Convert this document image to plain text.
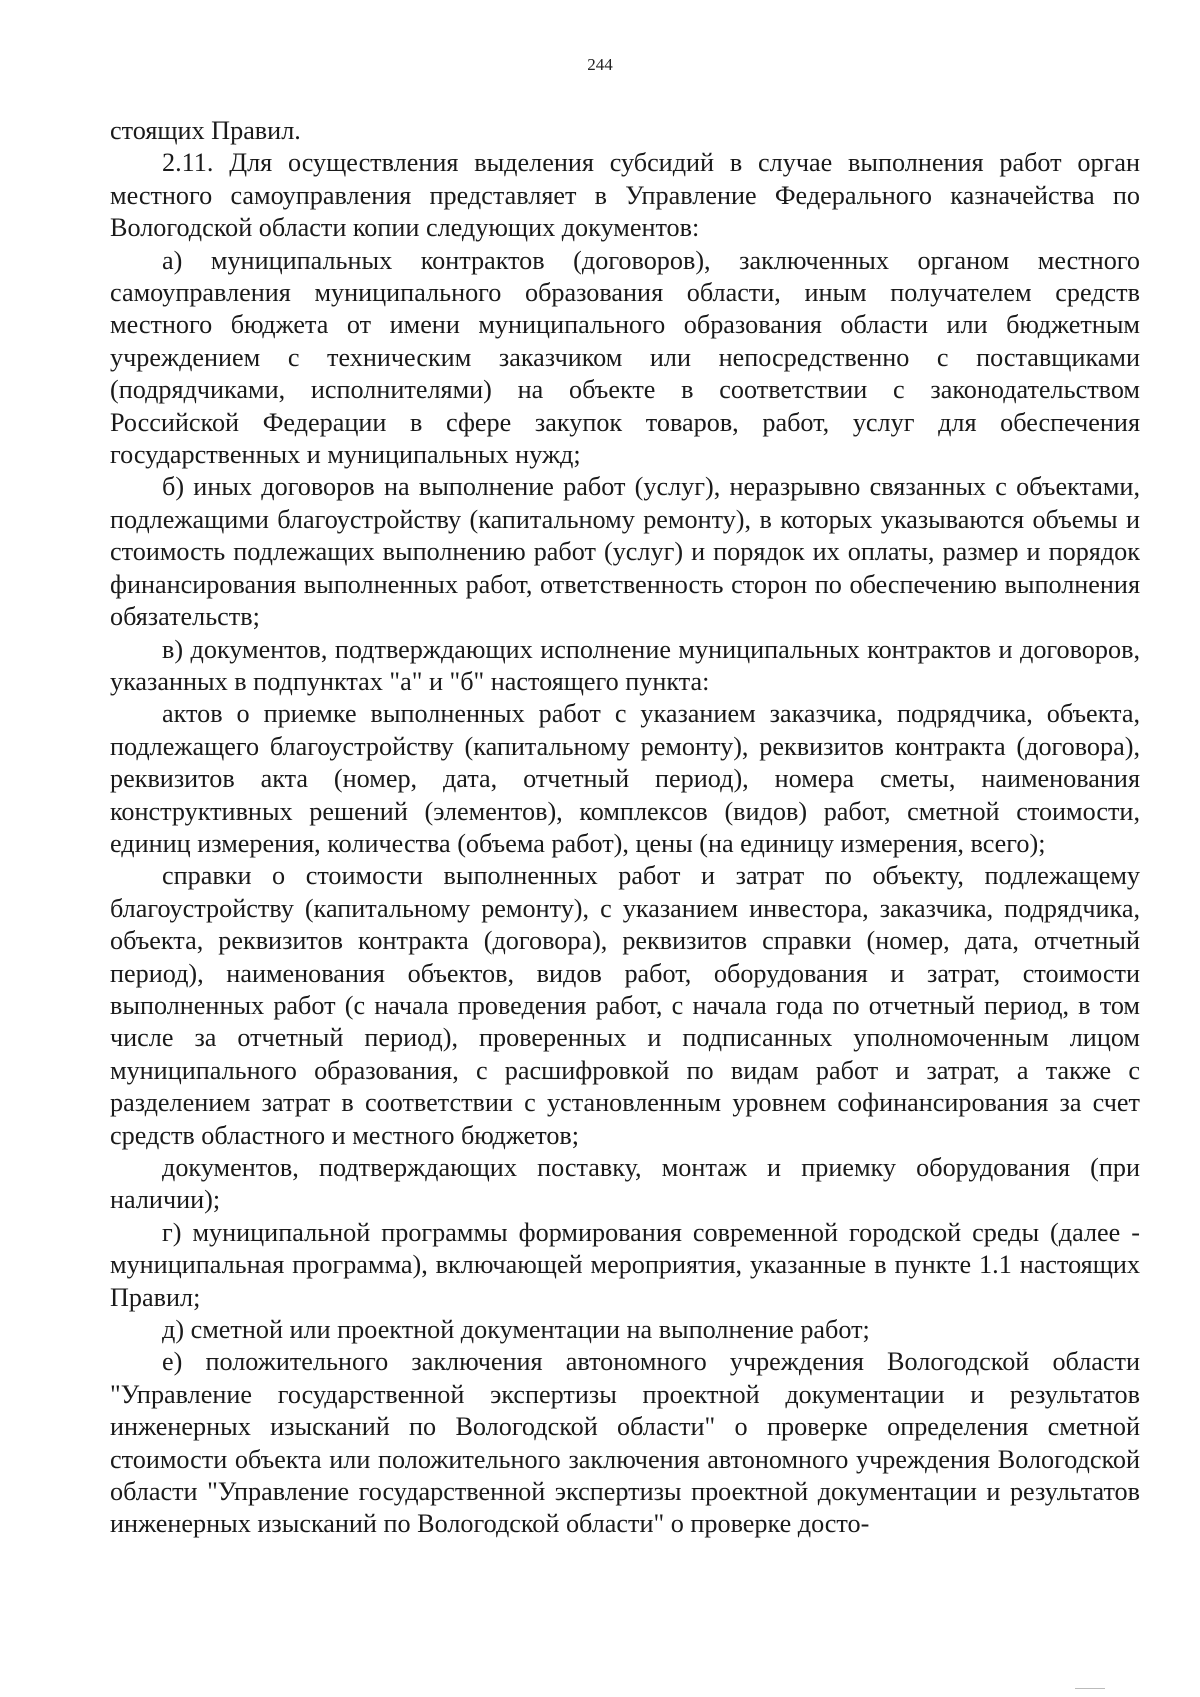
244

стоящих Правил.

2.11. Для осуществления выделения субсидий в случае выполнения работ орган местного самоуправления представляет в Управление Федерального казначейства по Вологодской области копии следующих документов:

а) муниципальных контрактов (договоров), заключенных органом местного самоуправления муниципального образования области, иным получателем средств местного бюджета от имени муниципального образования области или бюджетным учреждением с техническим заказчиком или непосредственно с поставщиками (подрядчиками, исполнителями) на объекте в соответствии с законодательством Российской Федерации в сфере закупок товаров, работ, услуг для обеспечения государственных и муниципальных нужд;

б) иных договоров на выполнение работ (услуг), неразрывно связанных с объектами, подлежащими благоустройству (капитальному ремонту), в которых указываются объемы и стоимость подлежащих выполнению работ (услуг) и порядок их оплаты, размер и порядок финансирования выполненных работ, ответственность сторон по обеспечению выполнения обязательств;

в) документов, подтверждающих исполнение муниципальных контрактов и договоров, указанных в подпунктах "а" и "б" настоящего пункта:

актов о приемке выполненных работ с указанием заказчика, подрядчика, объекта, подлежащего благоустройству (капитальному ремонту), реквизитов контракта (договора), реквизитов акта (номер, дата, отчетный период), номера сметы, наименования конструктивных решений (элементов), комплексов (видов) работ, сметной стоимости, единиц измерения, количества (объема работ), цены (на единицу измерения, всего);

справки о стоимости выполненных работ и затрат по объекту, подлежащему благоустройству (капитальному ремонту), с указанием инвестора, заказчика, подрядчика, объекта, реквизитов контракта (договора), реквизитов справки (номер, дата, отчетный период), наименования объектов, видов работ, оборудования и затрат, стоимости выполненных работ (с начала проведения работ, с начала года по отчетный период, в том числе за отчетный период), проверенных и подписанных уполномоченным лицом муниципального образования, с расшифровкой по видам работ и затрат, а также с разделением затрат в соответствии с установленным уровнем софинансирования за счет средств областного и местного бюджетов;

документов, подтверждающих поставку, монтаж и приемку оборудования (при наличии);

г) муниципальной программы формирования современной городской среды (далее - муниципальная программа), включающей мероприятия, указанные в пункте 1.1 настоящих Правил;

д) сметной или проектной документации на выполнение работ;

е) положительного заключения автономного учреждения Вологодской области "Управление государственной экспертизы проектной документации и результатов инженерных изысканий по Вологодской области" о проверке определения сметной стоимости объекта или положительного заключения автономного учреждения Вологодской области "Управление государственной экспертизы проектной документации и результатов инженерных изысканий по Вологодской области" о проверке досто-
